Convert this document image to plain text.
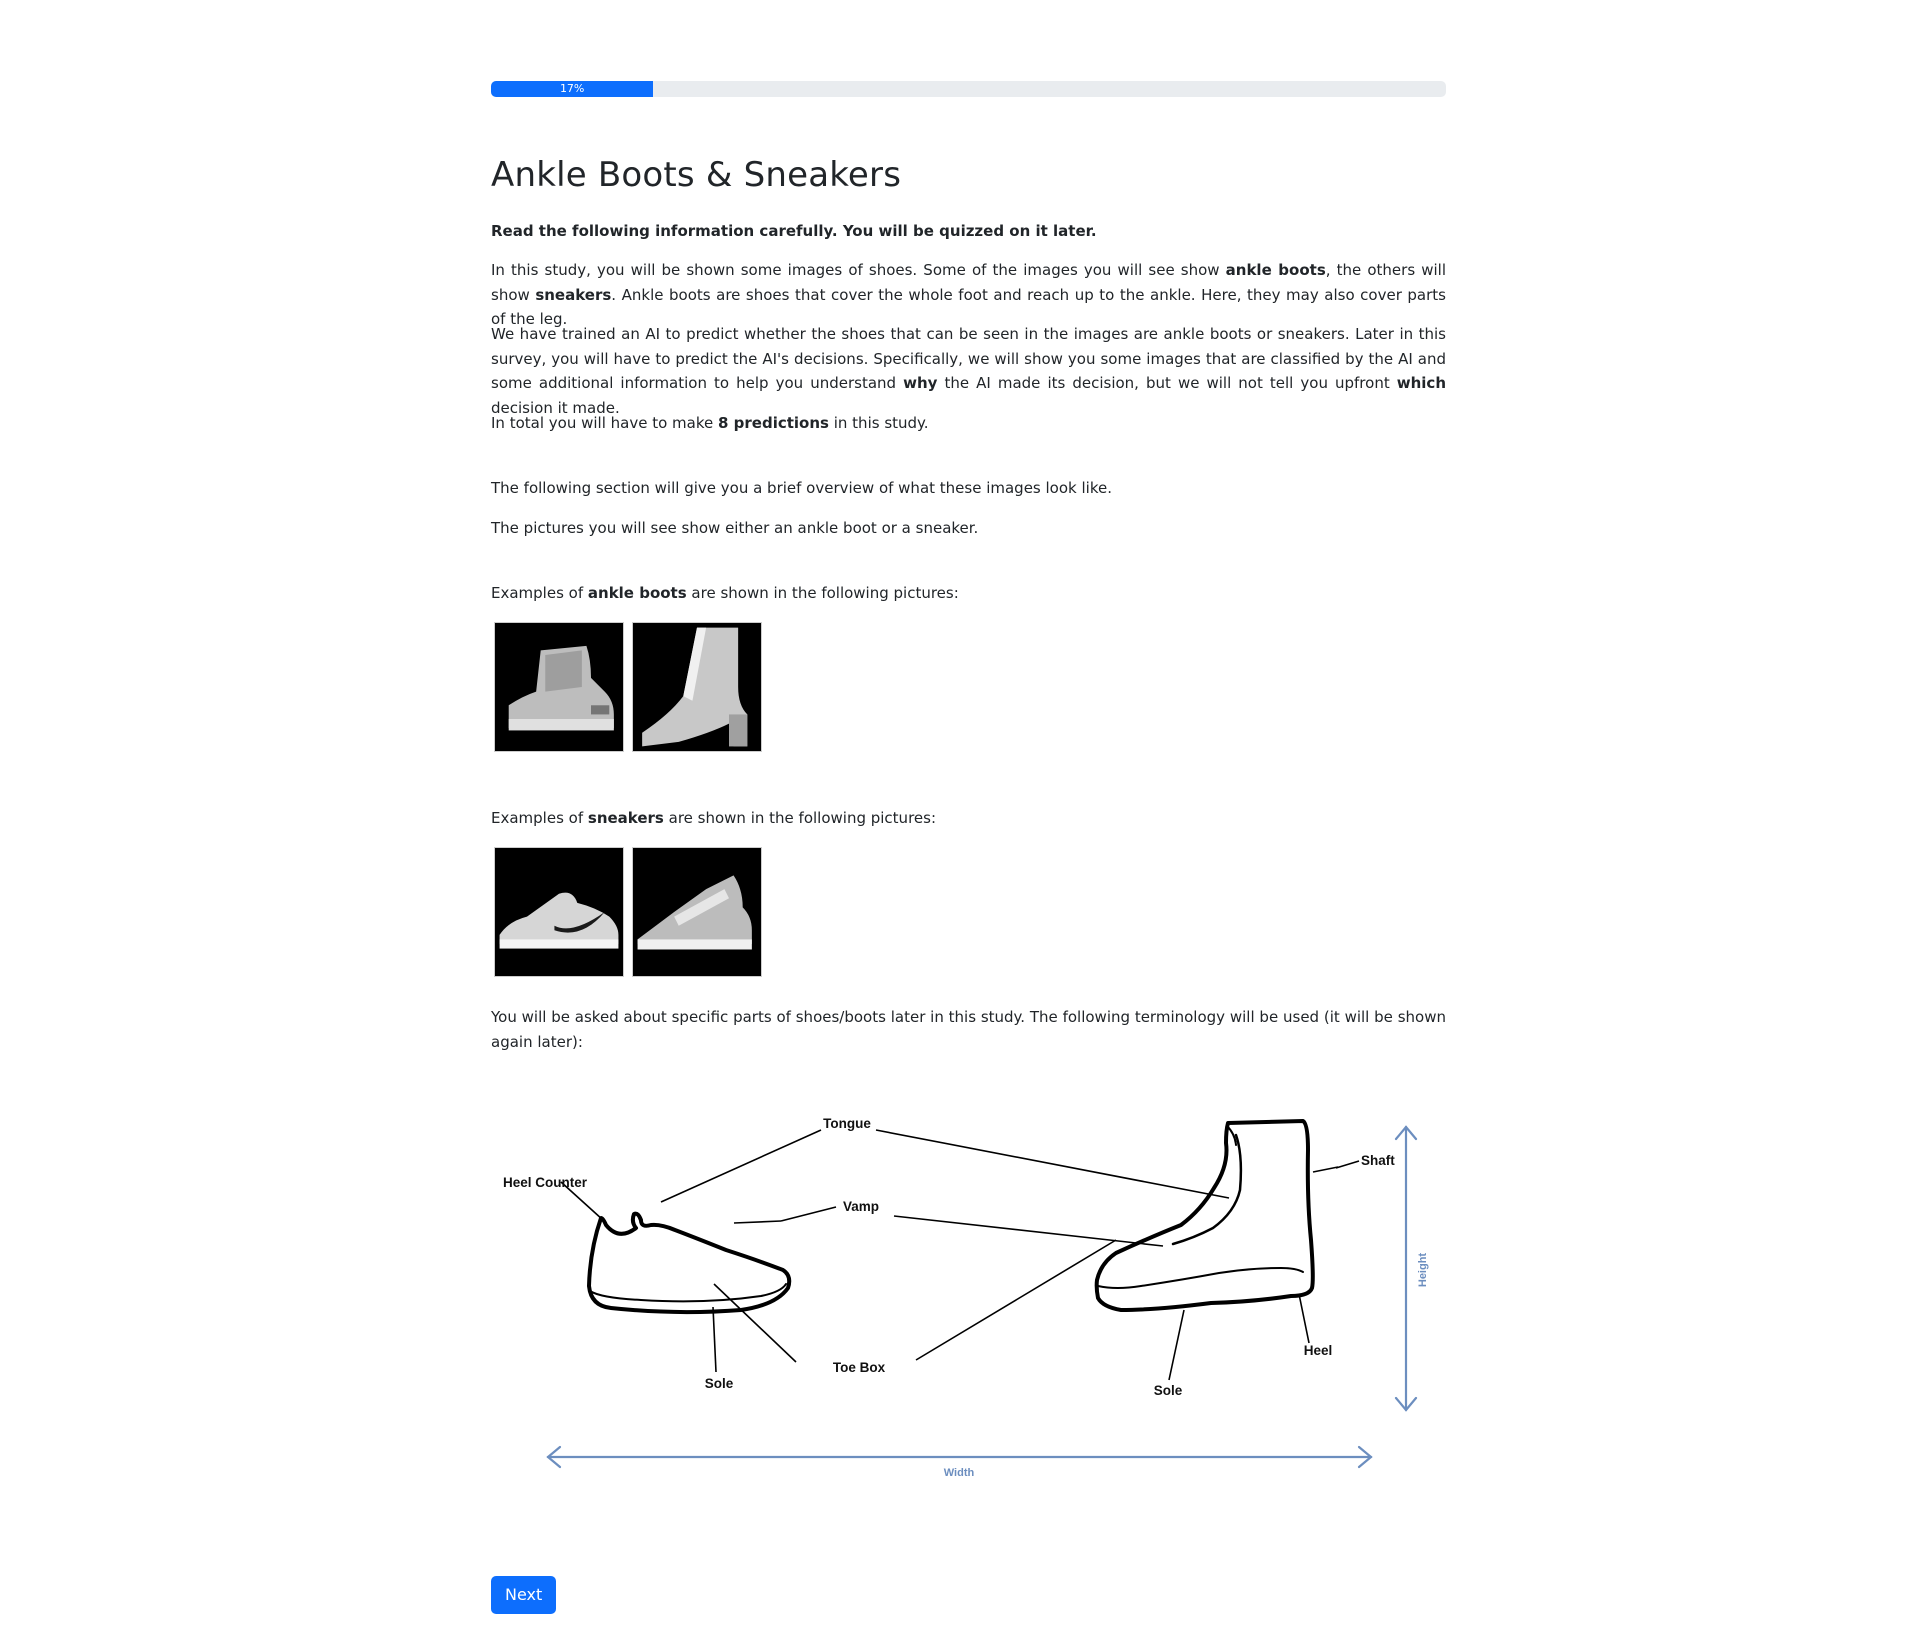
17%
Ankle Boots & Sneakers

Read the following information carefully. You will be quizzed on it later.

In this study, you will be shown some images of shoes. Some of the images you will see show ankle boots, the others will show sneakers. Ankle boots are shoes that cover the whole foot and reach up to the ankle. Here, they may also cover parts of the leg.

We have trained an AI to predict whether the shoes that can be seen in the images are ankle boots or sneakers. Later in this survey, you will have to predict the AI's decisions. Specifically, we will show you some images that are classified by the AI and some additional information to help you understand why the AI made its decision, but we will not tell you upfront which decision it made.

In total you will have to make 8 predictions in this study.

The following section will give you a brief overview of what these images look like.

The pictures you will see show either an ankle boot or a sneaker.

Examples of ankle boots are shown in the following pictures:

Examples of sneakers are shown in the following pictures:

You will be asked about specific parts of shoes/boots later in this study. The following terminology will be used (it will be shown again later):

Tongue
Heel Counter
Vamp
Shaft
Height
Toe Box
Heel
Sole	Sole
Width
Next
